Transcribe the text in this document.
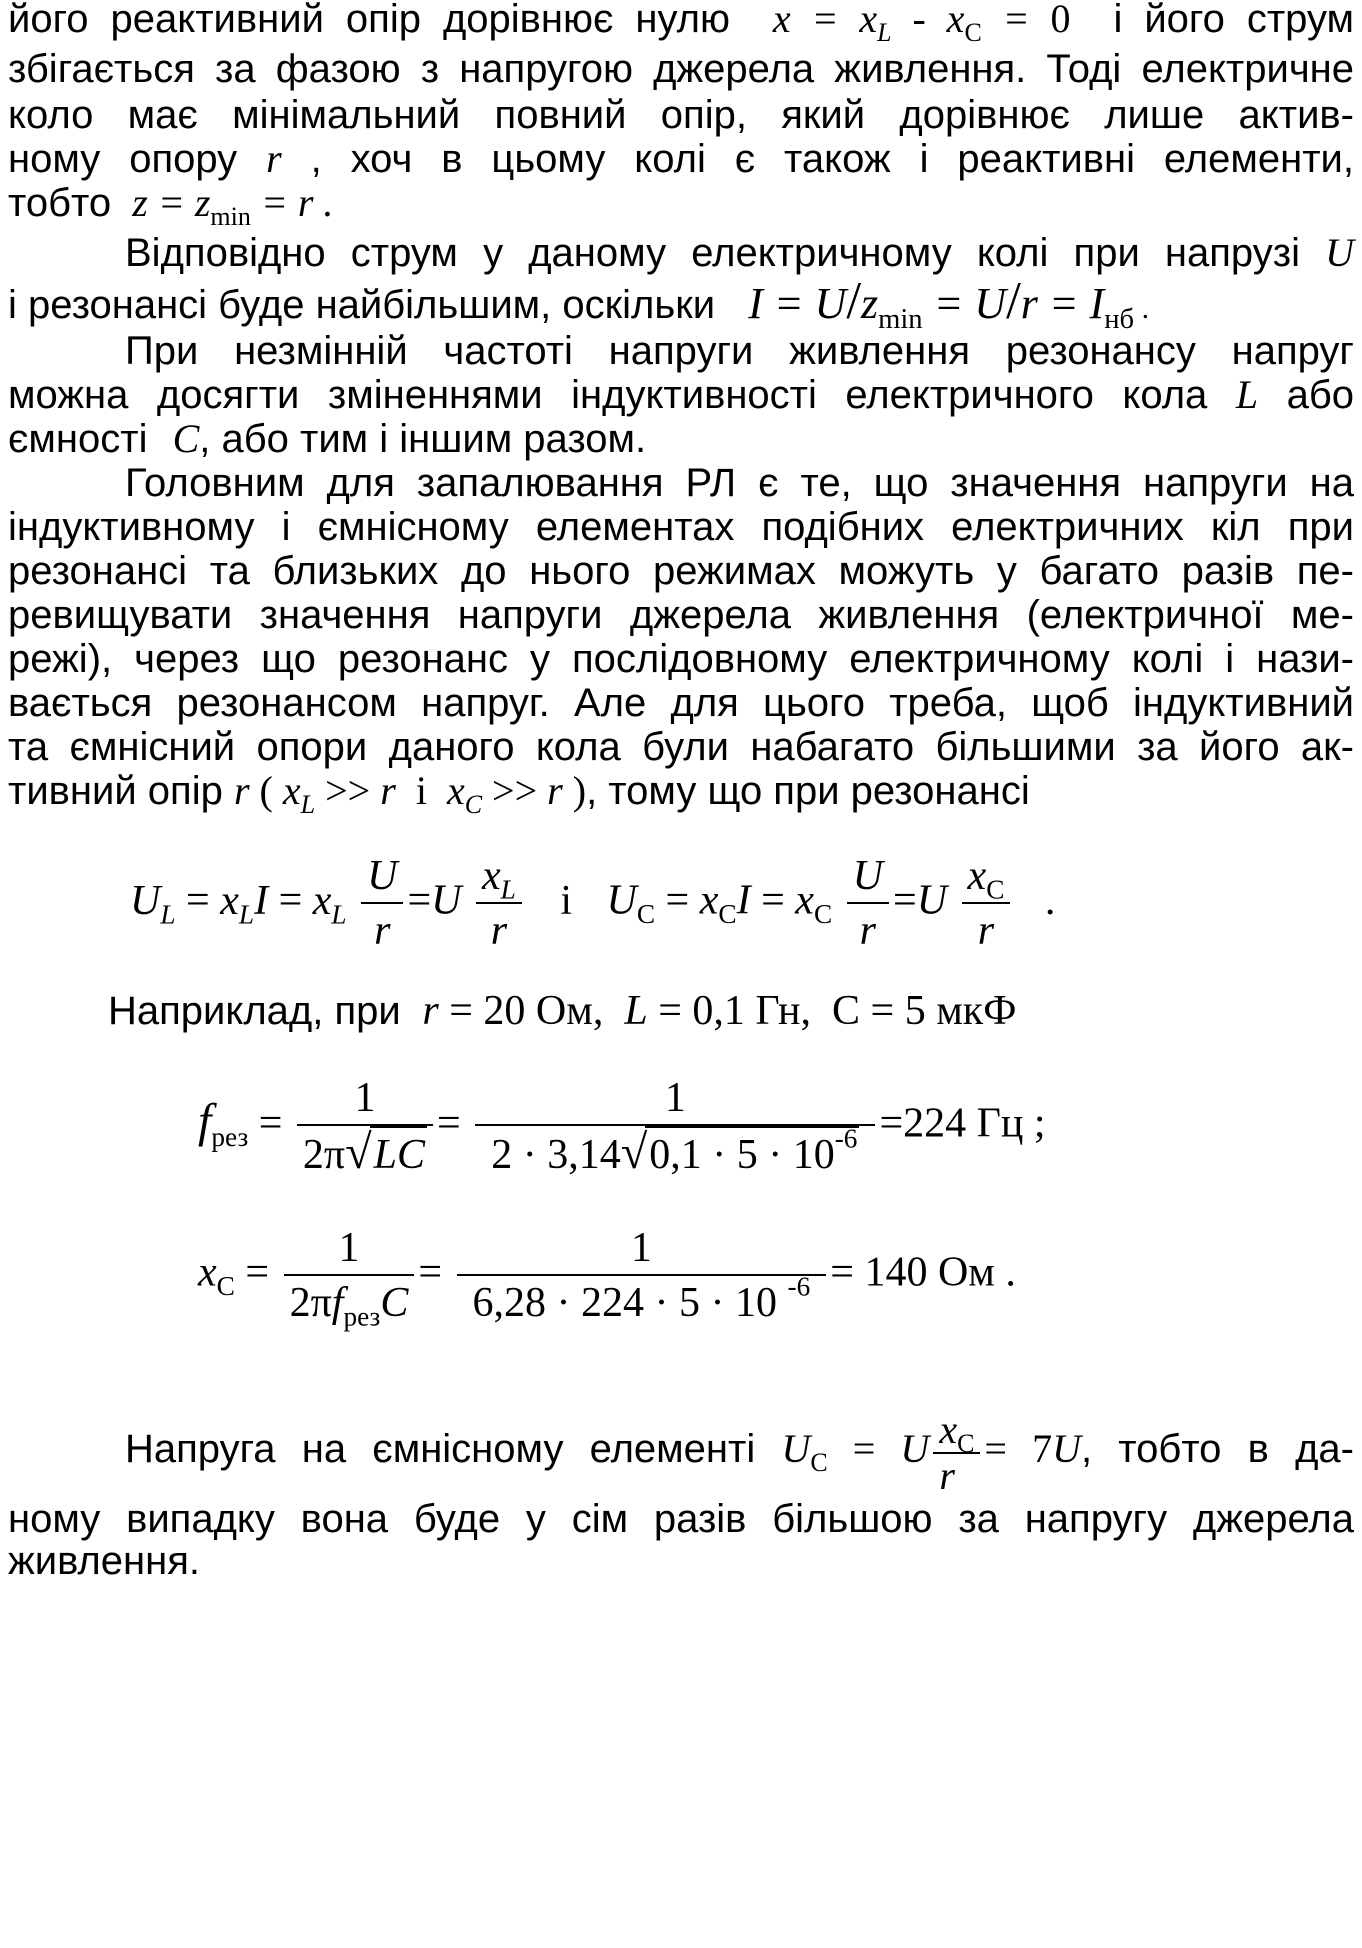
його реактивний опір дорівнює нулю  $x = x_L - x_C = 0$ і його струм
збігається за фазою з напругою джерела живлення. Тоді електричне
коло має мінімальний повний опір, який дорівнює лише актив-
ному опору r , хоч в цьому колі є також і реактивні елементи,
тобто  $z = z_{min} = r$ .
Відповідно струм у даному електричному колі при напрузі U
і резонансі буде найбільшим, оскільки   $I = U/z_{min} = U/r = I_{нб}$ .
При незмінній частоті напруги живлення резонансу напруг
можна досягти зміненнями індуктивності електричного кола L або
ємності C, або тим і іншим разом.
Головним для запалювання РЛ є те, що значення напруги на
індуктивному і ємнісному елементах подібних електричних кіл при
резонансі та близьких до нього режимах можуть у багато разів пе-
ревищувати значення напруги джерела живлення (електричної ме-
режі), через що резонанс у послідовному електричному колі і нази-
вається резонансом напруг. Але для цього треба, щоб індуктивний
та ємнісний опори даного кола були набагато більшими за його ак-
тивний опір r ( $x_L >> r$  і  $x_C >> r$ ), тому що при резонансі
$U_L = x_LI = x_L \frac{U}{r} =U \frac{x_L}{r}$ і $U_C = x_CI = x_C \frac{U}{r} =U \frac{x_C}{r}$ .
Наприклад, при  r = 20 Ом,  L = 0,1 Гн,  C = 5 мкФ
$f_{рез} = \frac{1}{2\pi√LC} = \frac{1}{2 \cdot 3,14√0,1 \cdot 5 \cdot 10^{-6}} =224$ Гц ;
$x_C = \frac{1}{2\pi f_{рез}C} = \frac{1}{6,28 \cdot 224 \cdot 5 \cdot 10 ^{-6}} = 140$ Ом .
Напруга на ємнісному елементі $U_C = U \frac{x_C}{r} = 7U$, тобто в да-
ному випадку вона буде у сім разів більшою за напругу джерела
живлення.
